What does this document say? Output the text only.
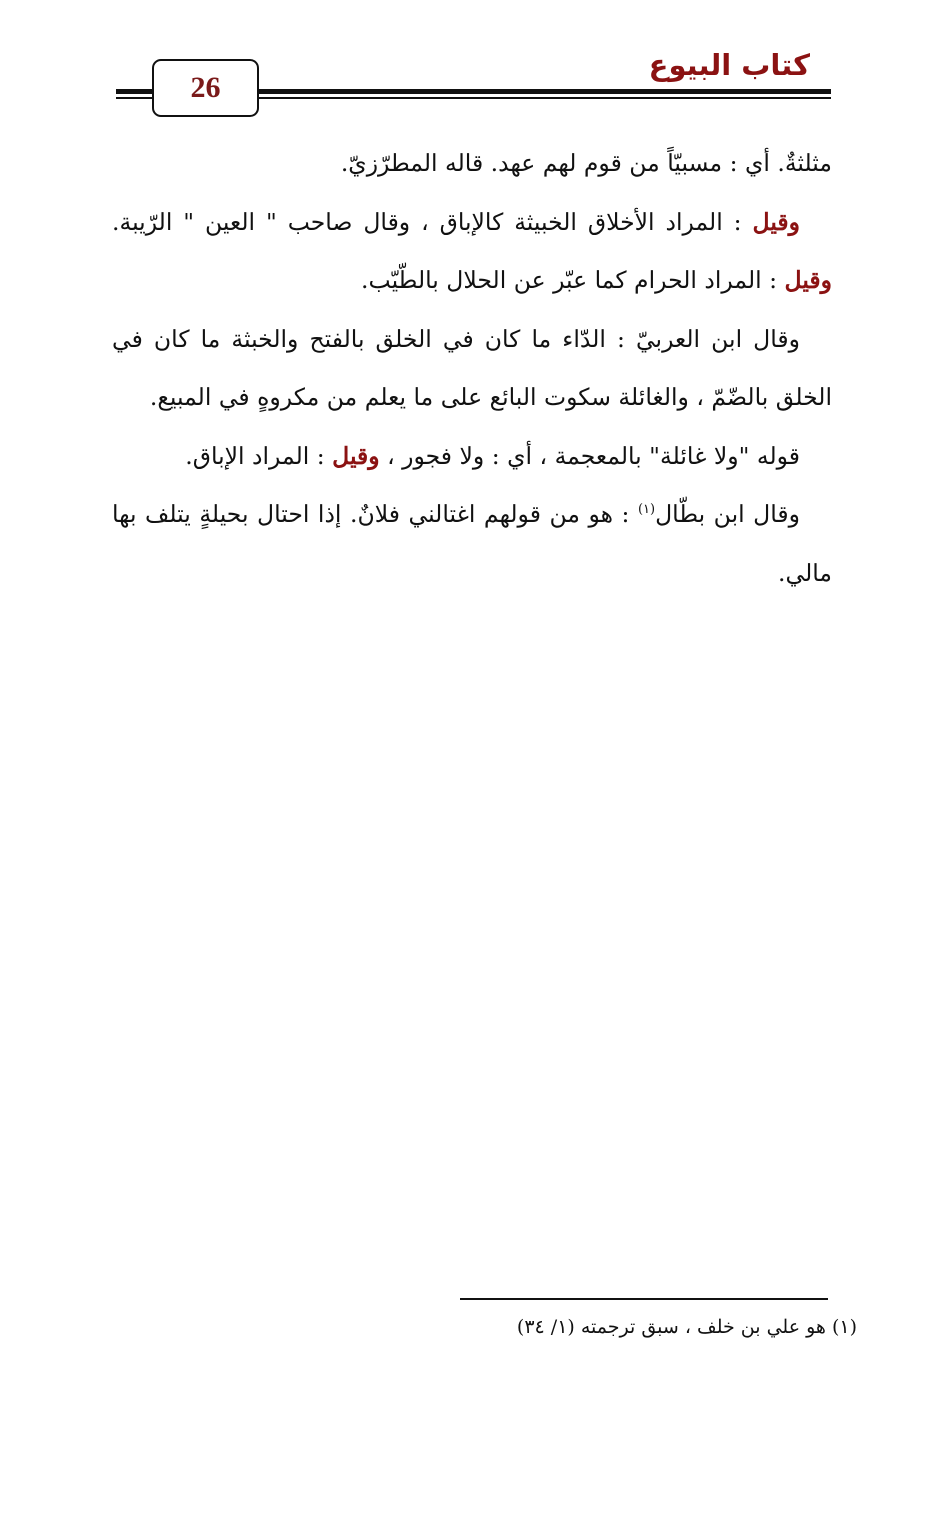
26
كتاب البيوع

مثلثةٌ. أي : مسبيّاً من قوم لهم عهد. قاله المطرّزيّ.

وقيل : المراد الأخلاق الخبيثة كالإباق ، وقال صاحب " العين " الرّيبة. وقيل : المراد الحرام كما عبّر عن الحلال بالطّيّب.

وقال ابن العربيّ : الدّاء ما كان في الخلق بالفتح والخبثة ما كان في الخلق بالضّمّ ، والغائلة سكوت البائع على ما يعلم من مكروهٍ في المبيع.

قوله "ولا غائلة" بالمعجمة ، أي : ولا فجور ، وقيل : المراد الإباق.

وقال ابن بطّال$^{(١)}$ : هو من قولهم اغتالني فلانٌ. إذا احتال بحيلةٍ يتلف بها مالي.

(١) هو علي بن خلف ، سبق ترجمته (١/ ٣٤)
